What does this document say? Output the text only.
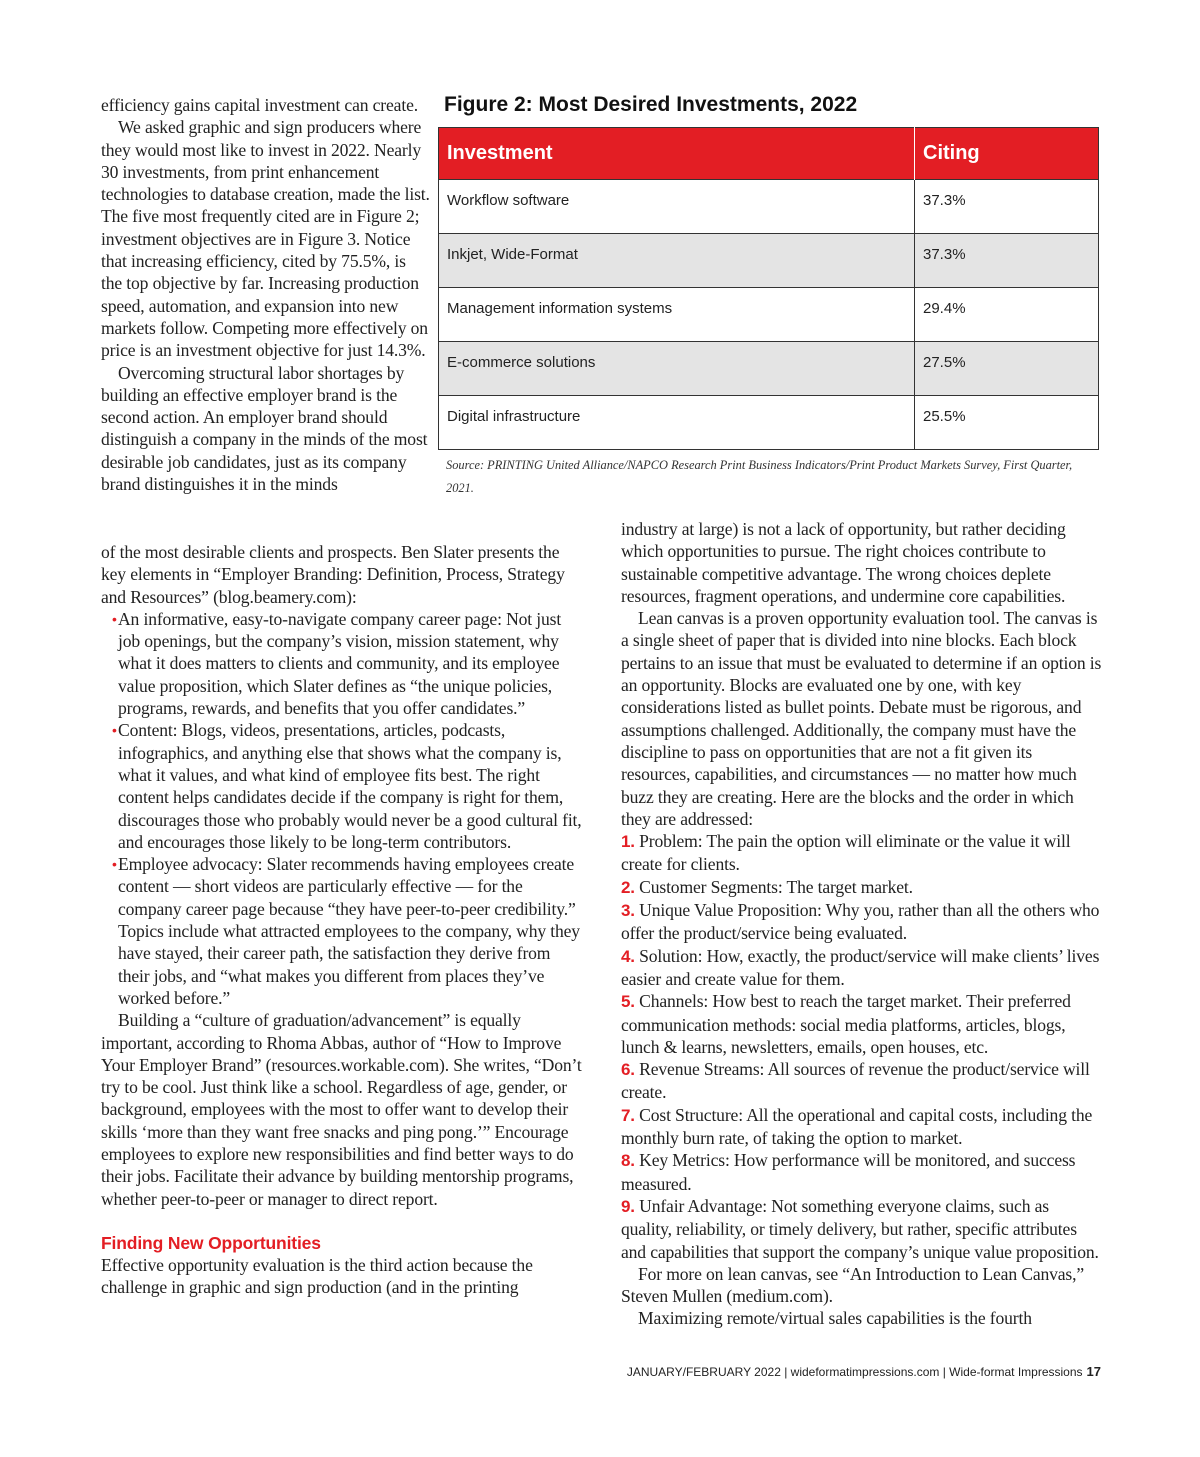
efficiency gains capital investment can create.

We asked graphic and sign producers where they would most like to invest in 2022. Nearly 30 investments, from print enhancement technologies to database creation, made the list. The five most frequently cited are in Figure 2; investment objectives are in Figure 3. Notice that increasing efficiency, cited by 75.5%, is the top objective by far. Increasing production speed, automation, and expansion into new markets follow. Competing more effectively on price is an investment objective for just 14.3%.

Overcoming structural labor shortages by building an effective employer brand is the second action. An employer brand should distinguish a company in the minds of the most desirable job candidates, just as its company brand distinguishes it in the minds

Figure 2: Most Desired Investments, 2022
Investment	Citing
Workflow software	37.3%
Inkjet, Wide-Format	37.3%
Management information systems	29.4%
E-commerce solutions	27.5%
Digital infrastructure	25.5%
Source: PRINTING United Alliance/NAPCO Research Print Business Indicators/Print Product Markets Survey, First Quarter, 2021.

of the most desirable clients and prospects. Ben Slater presents the key elements in “Employer Branding: Definition, Process, Strategy and Resources” (blog.beamery.com):

• An informative, easy-to-navigate company career page: Not just job openings, but the company’s vision, mission statement, why what it does matters to clients and community, and its employee value proposition, which Slater defines as “the unique policies, programs, rewards, and benefits that you offer candidates.”
• Content: Blogs, videos, presentations, articles, podcasts, infographics, and anything else that shows what the company is, what it values, and what kind of employee fits best. The right content helps candidates decide if the company is right for them, discourages those who probably would never be a good cultural fit, and encourages those likely to be long-term contributors.
• Employee advocacy: Slater recommends having employees create content — short videos are particularly effective — for the company career page because “they have peer-to-peer credibility.” Topics include what attracted employees to the company, why they have stayed, their career path, the satisfaction they derive from their jobs, and “what makes you different from places they’ve worked before.”

Building a “culture of graduation/advancement” is equally important, according to Rhoma Abbas, author of “How to Improve Your Employer Brand” (resources.workable.com). She writes, “Don’t try to be cool. Just think like a school. Regardless of age, gender, or background, employees with the most to offer want to develop their skills ‘more than they want free snacks and ping pong.’” Encourage employees to explore new responsibilities and find better ways to do their jobs. Facilitate their advance by building mentorship programs, whether peer-to-peer or manager to direct report.

Finding New Opportunities

Effective opportunity evaluation is the third action because the challenge in graphic and sign production (and in the printing

industry at large) is not a lack of opportunity, but rather deciding which opportunities to pursue. The right choices contribute to sustainable competitive advantage. The wrong choices deplete resources, fragment operations, and undermine core capabilities.

Lean canvas is a proven opportunity evaluation tool. The canvas is a single sheet of paper that is divided into nine blocks. Each block pertains to an issue that must be evaluated to determine if an option is an opportunity. Blocks are evaluated one by one, with key considerations listed as bullet points. Debate must be rigorous, and assumptions challenged. Additionally, the company must have the discipline to pass on opportunities that are not a fit given its resources, capabilities, and circumstances — no matter how much buzz they are creating. Here are the blocks and the order in which they are addressed:

1. Problem: The pain the option will eliminate or the value it will create for clients.

2. Customer Segments: The target market.

3. Unique Value Proposition: Why you, rather than all the others who offer the product/service being evaluated.

4. Solution: How, exactly, the product/service will make clients’ lives easier and create value for them.

5. Channels: How best to reach the target market. Their preferred communication methods: social media platforms, articles, blogs, lunch & learns, newsletters, emails, open houses, etc.

6. Revenue Streams: All sources of revenue the product/service will create.

7. Cost Structure: All the operational and capital costs, including the monthly burn rate, of taking the option to market.

8. Key Metrics: How performance will be monitored, and success measured.

9. Unfair Advantage: Not something everyone claims, such as quality, reliability, or timely delivery, but rather, specific attributes and capabilities that support the company’s unique value proposition.

For more on lean canvas, see “An Introduction to Lean Canvas,” Steven Mullen (medium.com).

Maximizing remote/virtual sales capabilities is the fourth

JANUARY/FEBRUARY 2022 | wideformatimpressions.com | Wide-format Impressions 17
